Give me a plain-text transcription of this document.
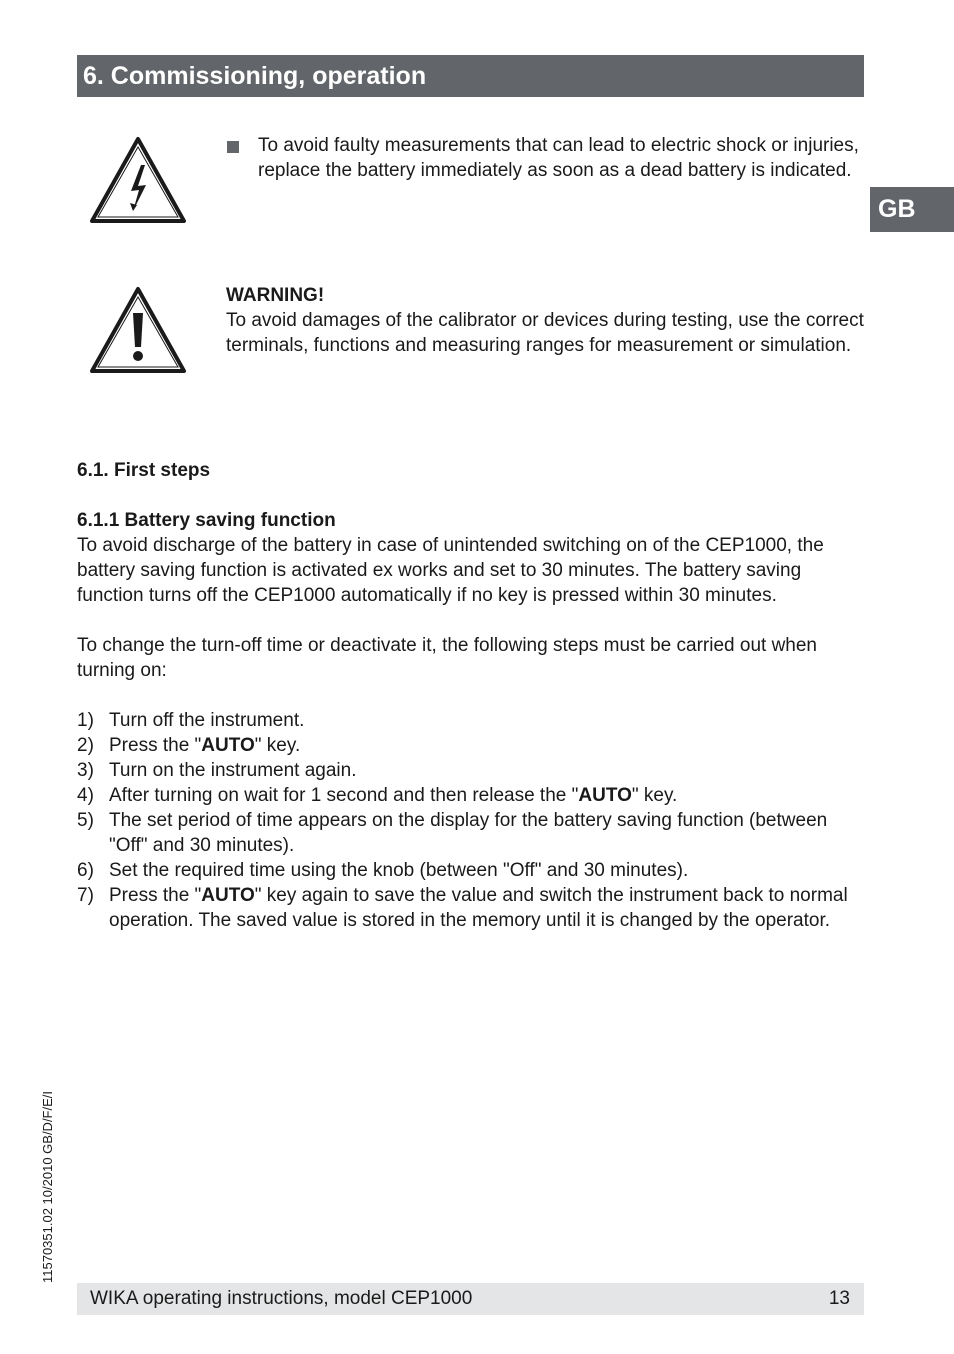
6. Commissioning, operation
GB
To avoid faulty measurements that can lead to electric shock or injuries, replace the battery immediately as soon as a dead battery is indicated.
WARNING!
To avoid damages of the calibrator or devices during testing, use the correct terminals, functions and measuring ranges for measurement or simulation.
6.1. First steps
6.1.1 Battery saving function

To avoid discharge of the battery in case of unintended switching on of the CEP1000, the battery saving function is activated ex works and set to 30 minutes. The battery saving function turns off the CEP1000 automatically if no key is pressed within 30 minutes.

To change the turn-off time or deactivate it, the following steps must be carried out when turning on:

1) Turn off the instrument.
2) Press the "AUTO" key.
3) Turn on the instrument again.
4) After turning on wait for 1 second and then release the "AUTO" key.
5) The set period of time appears on the display for the battery saving function (between "Off" and 30 minutes).
6) Set the required time using the knob (between "Off" and 30 minutes).
7) Press the "AUTO" key again to save the value and switch the instrument back to normal operation. The saved value is stored in the memory until it is changed by the operator.
11570351.02 10/2010 GB/D/F/E/I
WIKA operating instructions, model CEP1000	13
